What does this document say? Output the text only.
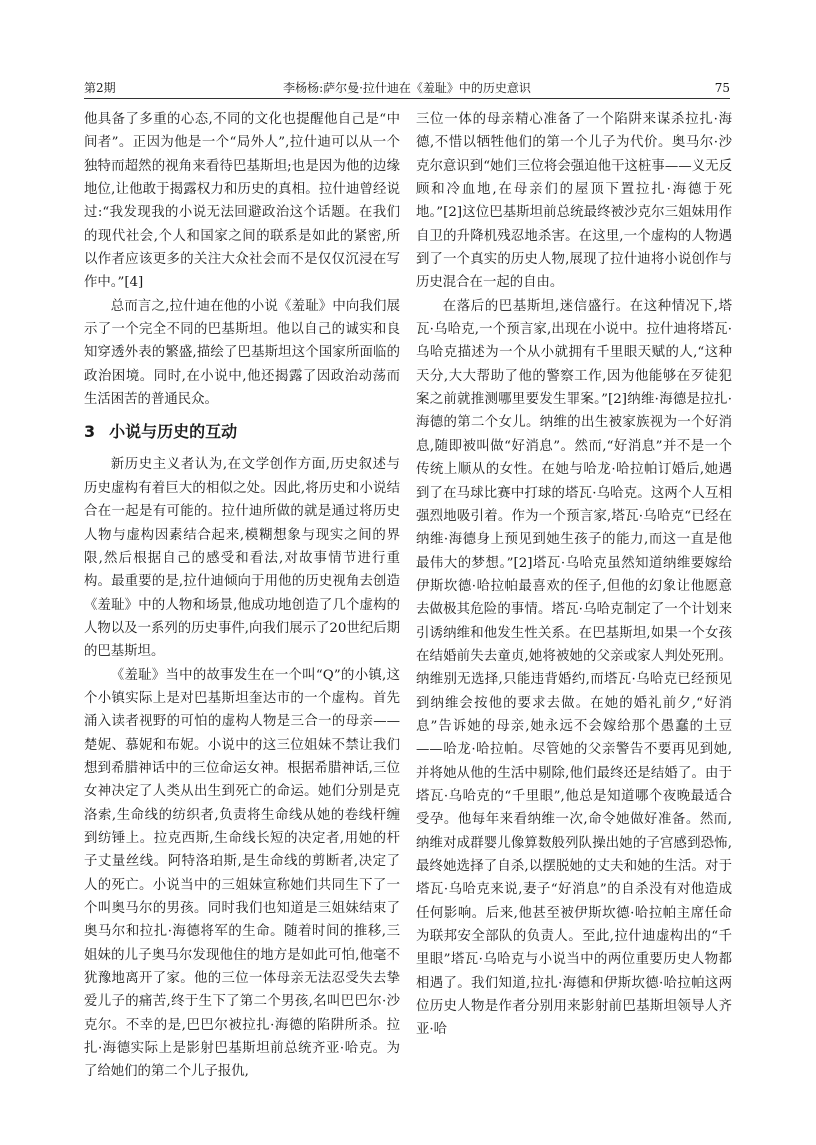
第2期	李杨杨:萨尔曼·拉什迪在《羞耻》中的历史意识	75

他具备了多重的心态,不同的文化也提醒他自己是“中间者”。正因为他是一个“局外人”,拉什迪可以从一个独特而超然的视角来看待巴基斯坦;也是因为他的边缘地位,让他敢于揭露权力和历史的真相。拉什迪曾经说过:“我发现我的小说无法回避政治这个话题。在我们的现代社会,个人和国家之间的联系是如此的紧密,所以作者应该更多的关注大众社会而不是仅仅沉浸在写作中。”[4]

总而言之,拉什迪在他的小说《羞耻》中向我们展示了一个完全不同的巴基斯坦。他以自己的诚实和良知穿透外表的繁盛,描绘了巴基斯坦这个国家所面临的政治困境。同时,在小说中,他还揭露了因政治动荡而生活困苦的普通民众。

3 小说与历史的互动

新历史主义者认为,在文学创作方面,历史叙述与历史虚构有着巨大的相似之处。因此,将历史和小说结合在一起是有可能的。拉什迪所做的就是通过将历史人物与虚构因素结合起来,模糊想象与现实之间的界限,然后根据自己的感受和看法,对故事情节进行重构。最重要的是,拉什迪倾向于用他的历史视角去创造《羞耻》中的人物和场景,他成功地创造了几个虚构的人物以及一系列的历史事件,向我们展示了20世纪后期的巴基斯坦。

《羞耻》当中的故事发生在一个叫“Q”的小镇,这个小镇实际上是对巴基斯坦奎达市的一个虚构。首先涌入读者视野的可怕的虚构人物是三合一的母亲——楚妮、慕妮和布妮。小说中的这三位姐妹不禁让我们想到希腊神话中的三位命运女神。根据希腊神话,三位女神决定了人类从出生到死亡的命运。她们分别是克洛索,生命线的纺织者,负责将生命线从她的卷线杆缠到纺锤上。拉克西斯,生命线长短的决定者,用她的杆子丈量丝线。阿特洛珀斯,是生命线的剪断者,决定了人的死亡。小说当中的三姐妹宣称她们共同生下了一个叫奥马尔的男孩。同时我们也知道是三姐妹结束了奥马尔和拉扎·海德将军的生命。随着时间的推移,三姐妹的儿子奥马尔发现他住的地方是如此可怕,他毫不犹豫地离开了家。他的三位一体母亲无法忍受失去挚爱儿子的痛苦,终于生下了第二个男孩,名叫巴巴尔·沙克尔。不幸的是,巴巴尔被拉扎·海德的陷阱所杀。拉扎·海德实际上是影射巴基斯坦前总统齐亚·哈克。为了给她们的第二个儿子报仇,

三位一体的母亲精心准备了一个陷阱来谋杀拉扎·海德,不惜以牺牲他们的第一个儿子为代价。奥马尔·沙克尔意识到“她们三位将会强迫他干这桩事——义无反顾和冷血地,在母亲们的屋顶下置拉扎·海德于死地。”[2]这位巴基斯坦前总统最终被沙克尔三姐妹用作自卫的升降机残忍地杀害。在这里,一个虚构的人物遇到了一个真实的历史人物,展现了拉什迪将小说创作与历史混合在一起的自由。

在落后的巴基斯坦,迷信盛行。在这种情况下,塔瓦·乌哈克,一个预言家,出现在小说中。拉什迪将塔瓦·乌哈克描述为一个从小就拥有千里眼天赋的人,“这种天分,大大帮助了他的警察工作,因为他能够在歹徒犯案之前就推测哪里要发生罪案。”[2]纳维·海德是拉扎·海德的第二个女儿。纳维的出生被家族视为一个好消息,随即被叫做“好消息”。然而,“好消息”并不是一个传统上顺从的女性。在她与哈龙·哈拉帕订婚后,她遇到了在马球比赛中打球的塔瓦·乌哈克。这两个人互相强烈地吸引着。作为一个预言家,塔瓦·乌哈克“已经在纳维·海德身上预见到她生孩子的能力,而这一直是他最伟大的梦想。”[2]塔瓦·乌哈克虽然知道纳维要嫁给伊斯坎德·哈拉帕最喜欢的侄子,但他的幻象让他愿意去做极其危险的事情。塔瓦·乌哈克制定了一个计划来引诱纳维和他发生性关系。在巴基斯坦,如果一个女孩在结婚前失去童贞,她将被她的父亲或家人判处死刑。纳维别无选择,只能违背婚约,而塔瓦·乌哈克已经预见到纳维会按他的要求去做。在她的婚礼前夕,“好消息”告诉她的母亲,她永远不会嫁给那个愚蠢的土豆——哈龙·哈拉帕。尽管她的父亲警告不要再见到她,并将她从他的生活中剔除,他们最终还是结婚了。由于塔瓦·乌哈克的“千里眼”,他总是知道哪个夜晚最适合受孕。他每年来看纳维一次,命令她做好准备。然而,纳维对成群婴儿像算数般列队操出她的子宫感到恐怖,最终她选择了自杀,以摆脱她的丈夫和她的生活。对于塔瓦·乌哈克来说,妻子“好消息”的自杀没有对他造成任何影响。后来,他甚至被伊斯坎德·哈拉帕主席任命为联邦安全部队的负责人。至此,拉什迪虚构出的“千里眼”塔瓦·乌哈克与小说当中的两位重要历史人物都相遇了。我们知道,拉扎·海德和伊斯坎德·哈拉帕这两位历史人物是作者分别用来影射前巴基斯坦领导人齐亚·哈
